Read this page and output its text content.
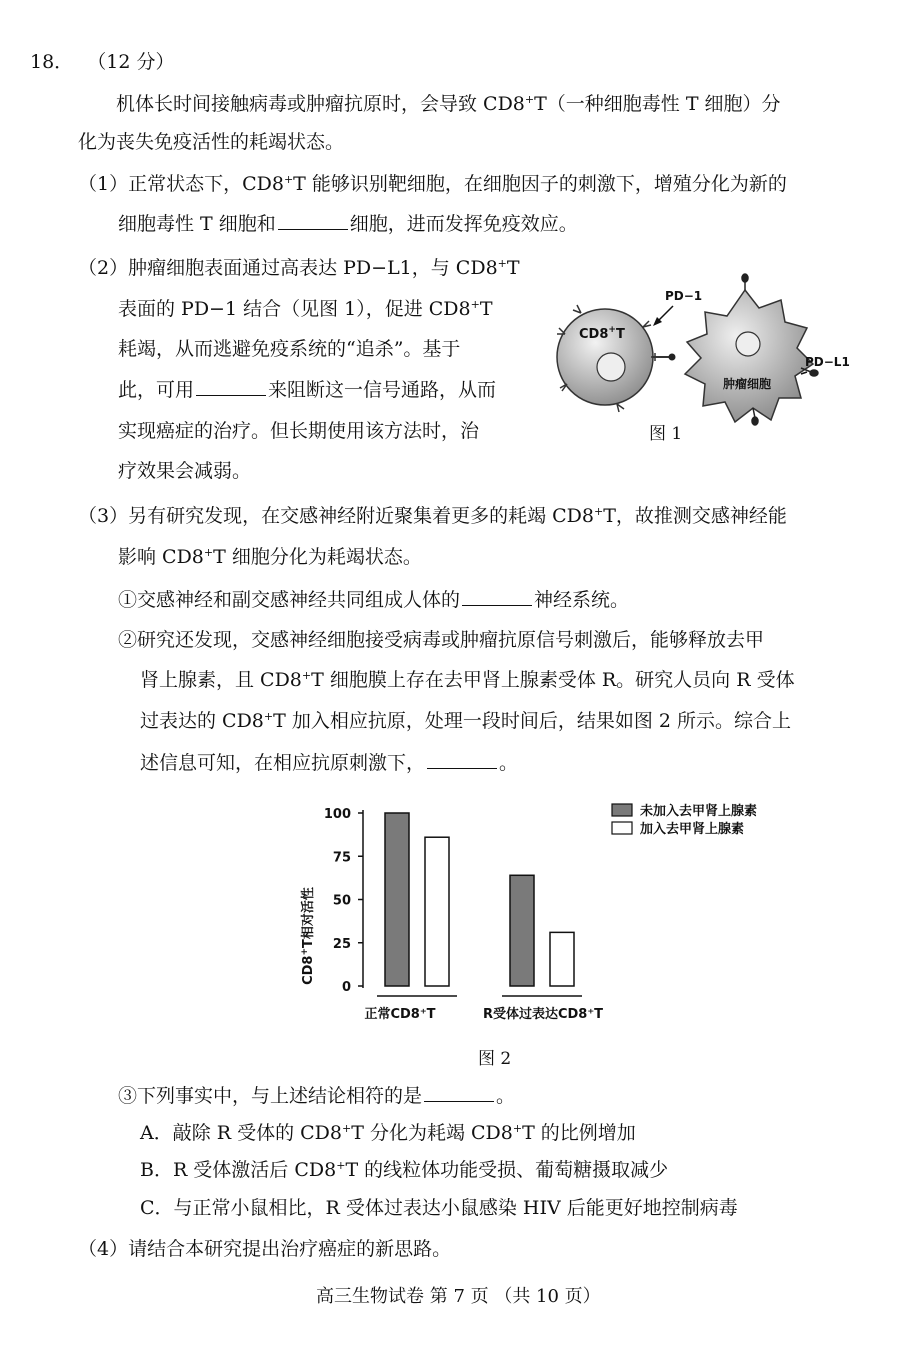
18． （12 分）
机体长时间接触病毒或肿瘤抗原时，会导致 CD8+T（一种细胞毒性 T 细胞）分
化为丧失免疫活性的耗竭状态。
（1）正常状态下，CD8+T 能够识别靶细胞，在细胞因子的刺激下，增殖分化为新的
细胞毒性 T 细胞和	细胞，进而发挥免疫效应。
（2）肿瘤细胞表面通过高表达 PD−L1，与 CD8+T
表面的 PD−1 结合（见图 1），促进 CD8+T
耗竭，从而逃避免疫系统的“追杀”。基于
此，可用	来阻断这一信号通路，从而
实现癌症的治疗。但长期使用该方法时，治
疗效果会减弱。
CD8+T
肿瘤细胞
PD−1
PD−L1
图 1
（3）另有研究发现，在交感神经附近聚集着更多的耗竭 CD8+T，故推测交感神经能
影响 CD8+T 细胞分化为耗竭状态。
①交感神经和副交感神经共同组成人体的	神经系统。
②研究还发现，交感神经细胞接受病毒或肿瘤抗原信号刺激后，能够释放去甲
肾上腺素，且 CD8+T 细胞膜上存在去甲肾上腺素受体 R。研究人员向 R 受体
过表达的 CD8+T 加入相应抗原，处理一段时间后，结果如图 2 所示。综合上
述信息可知，在相应抗原刺激下，	。
CD8+T相对活性
100
75
50
25
0
正常CD8⁺T	R受体过表达CD8⁺T
未加入去甲肾上腺素
加入去甲肾上腺素
图 2
③下列事实中，与上述结论相符的是	。
A．敲除 R 受体的 CD8+T 分化为耗竭 CD8+T 的比例增加
B．R 受体激活后 CD8+T 的线粒体功能受损、葡萄糖摄取减少
C．与正常小鼠相比，R 受体过表达小鼠感染 HIV 后能更好地控制病毒
（4）请结合本研究提出治疗癌症的新思路。
高三生物试卷 第 7 页 （共 10 页）
